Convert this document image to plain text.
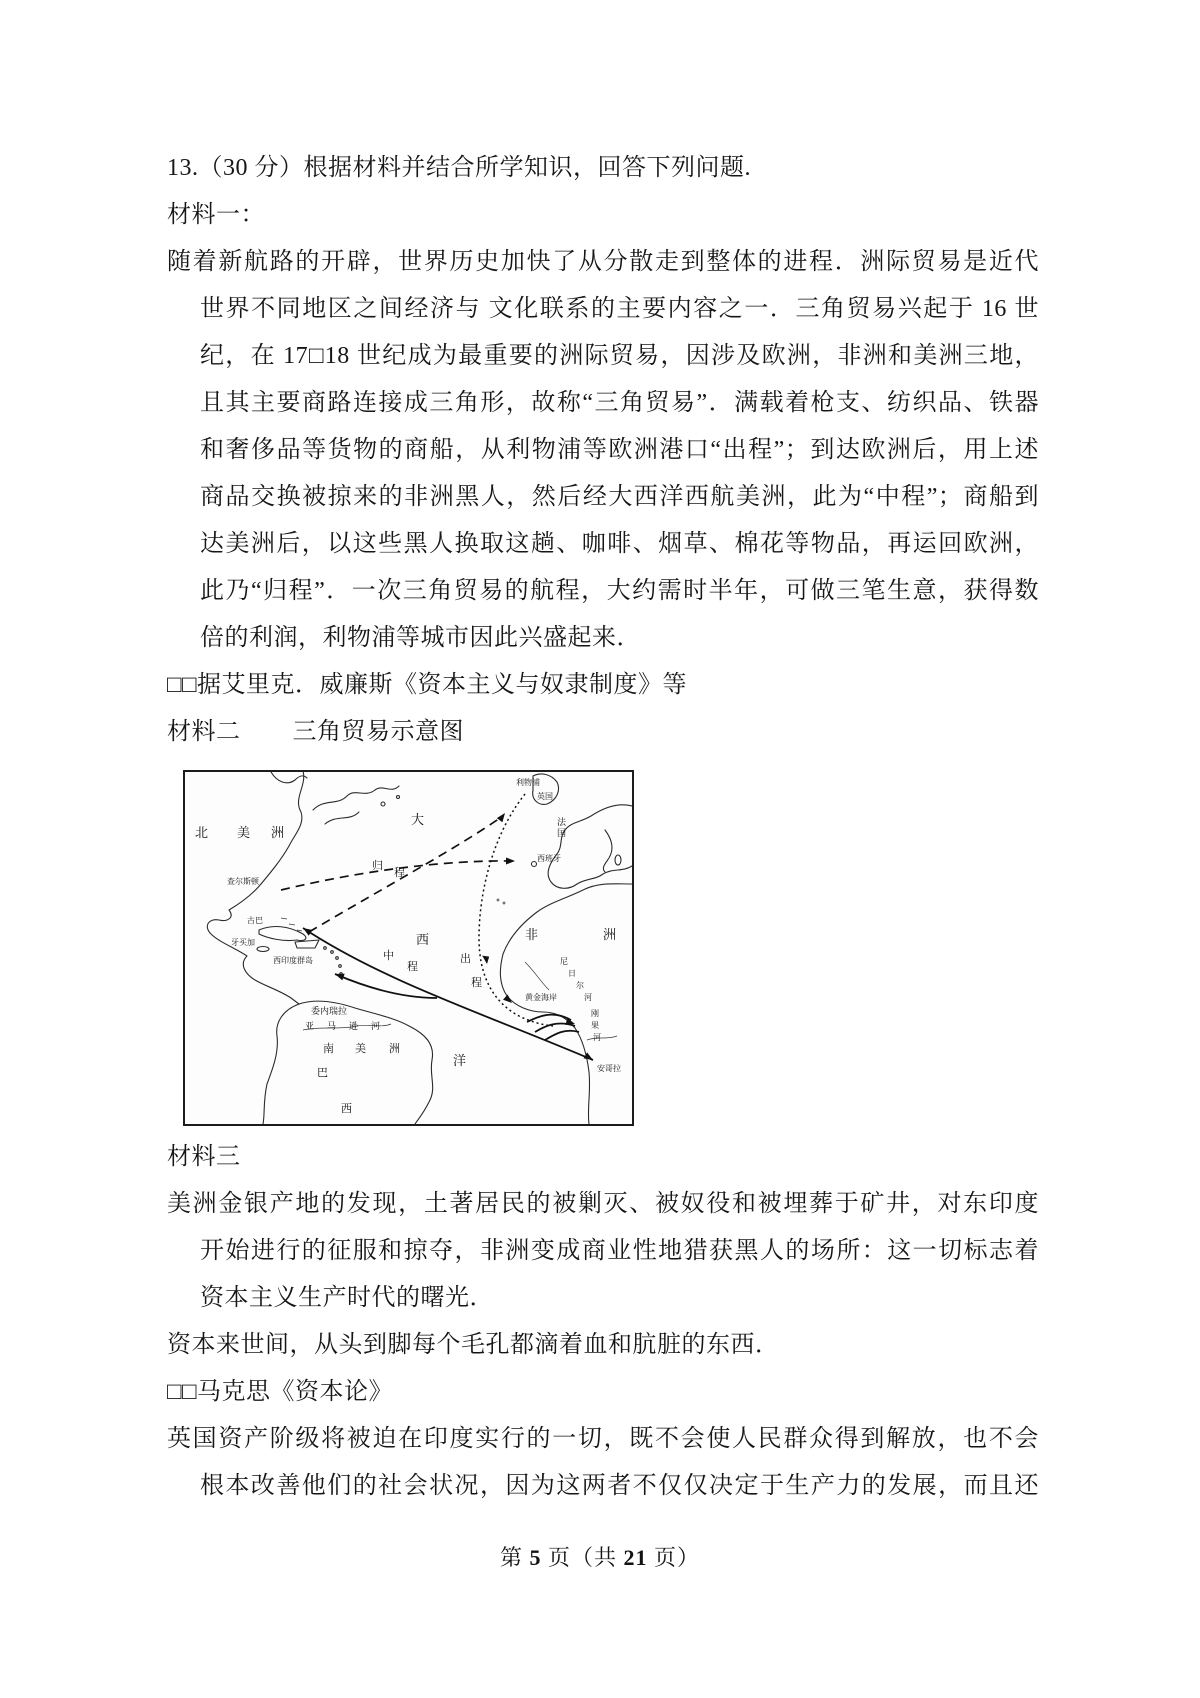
13.（30 分）根据材料并结合所学知识，回答下列问题.
材料一：
随着新航路的开辟，世界历史加快了从分散走到整体的进程．洲际贸易是近代
世界不同地区之间经济与 文化联系的主要内容之一．三角贸易兴起于 16 世
纪，在 17□18 世纪成为最重要的洲际贸易，因涉及欧洲，非洲和美洲三地，
且其主要商路连接成三角形，故称“三角贸易”．满载着枪支、纺织品、铁器
和奢侈品等货物的商船，从利物浦等欧洲港口“出程”；到达欧洲后，用上述
商品交换被掠来的非洲黑人，然后经大西洋西航美洲，此为“中程”；商船到
达美洲后，以这些黑人换取这趟、咖啡、烟草、棉花等物品，再运回欧洲，
此乃“归程”．一次三角贸易的航程，大约需时半年，可做三笔生意，获得数
倍的利润，利物浦等城市因此兴盛起来．
□□据艾里克．威廉斯《资本主义与奴隶制度》等
材料二 三角贸易示意图
北 美 洲
大
西
洋
归
程
中
程
出
程
查尔斯顿
古巴
牙买加
西印度群岛
委内瑞拉
亚 马 逊 河
南 美 洲
巴
西
利物浦
英国
法
国
西班牙
非	洲
尼
日
尔
河
黄金海岸
刚
果
河
安哥拉
材料三
美洲金银产地的发现，土著居民的被剿灭、被奴役和被埋葬于矿井，对东印度
开始进行的征服和掠夺，非洲变成商业性地猎获黑人的场所：这一切标志着
资本主义生产时代的曙光．
资本来世间，从头到脚每个毛孔都滴着血和肮脏的东西．
□□马克思《资本论》
英国资产阶级将被迫在印度实行的一切，既不会使人民群众得到解放，也不会
根本改善他们的社会状况，因为这两者不仅仅决定于生产力的发展，而且还
第 5 页（共 21 页）
